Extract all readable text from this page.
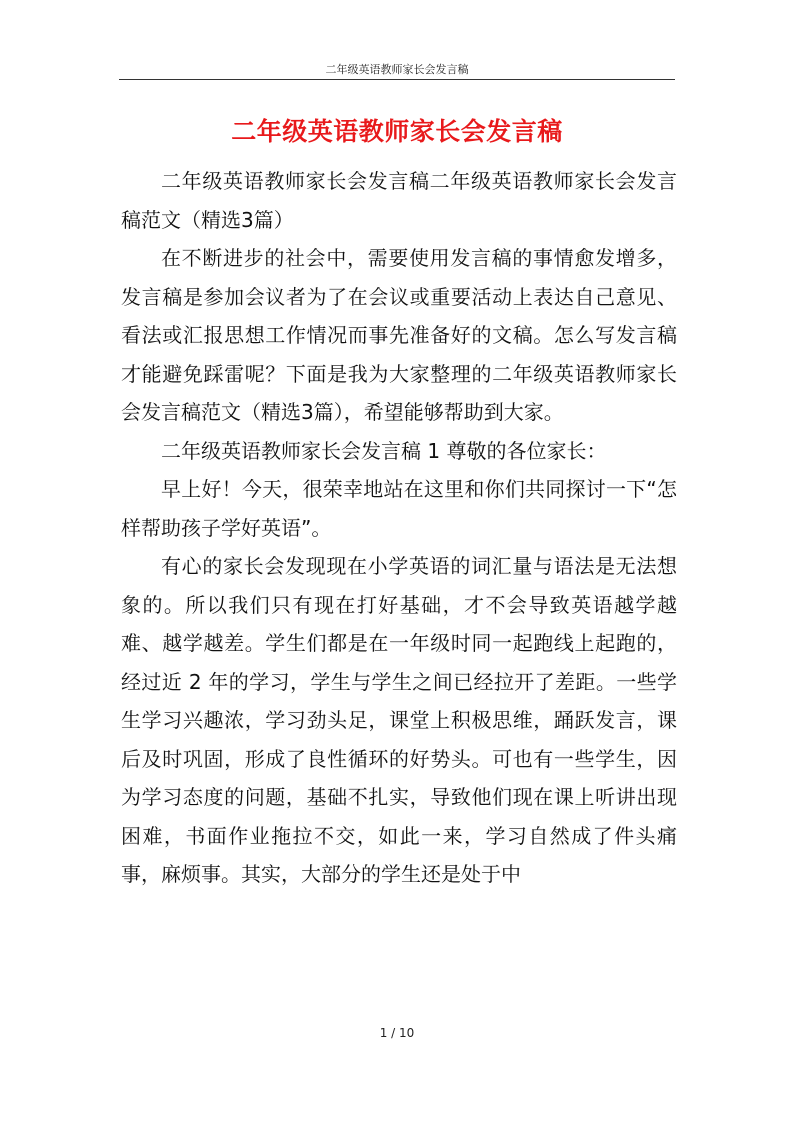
二年级英语教师家长会发言稿
二年级英语教师家长会发言稿

二年级英语教师家长会发言稿二年级英语教师家长会发言稿范文（精选3篇）

在不断进步的社会中，需要使用发言稿的事情愈发增多，发言稿是参加会议者为了在会议或重要活动上表达自己意见、看法或汇报思想工作情况而事先准备好的文稿。怎么写发言稿才能避免踩雷呢？下面是我为大家整理的二年级英语教师家长会发言稿范文（精选3篇），希望能够帮助到大家。

二年级英语教师家长会发言稿 1 尊敬的各位家长：

早上好！今天，很荣幸地站在这里和你们共同探讨一下“怎样帮助孩子学好英语”。

有心的家长会发现现在小学英语的词汇量与语法是无法想象的。所以我们只有现在打好基础，才不会导致英语越学越难、越学越差。学生们都是在一年级时同一起跑线上起跑的，经过近 2 年的学习，学生与学生之间已经拉开了差距。一些学生学习兴趣浓，学习劲头足，课堂上积极思维，踊跃发言，课后及时巩固，形成了良性循环的好势头。可也有一些学生，因为学习态度的问题，基础不扎实，导致他们现在课上听讲出现困难，书面作业拖拉不交，如此一来，学习自然成了件头痛事，麻烦事。其实，大部分的学生还是处于中

1 / 10
